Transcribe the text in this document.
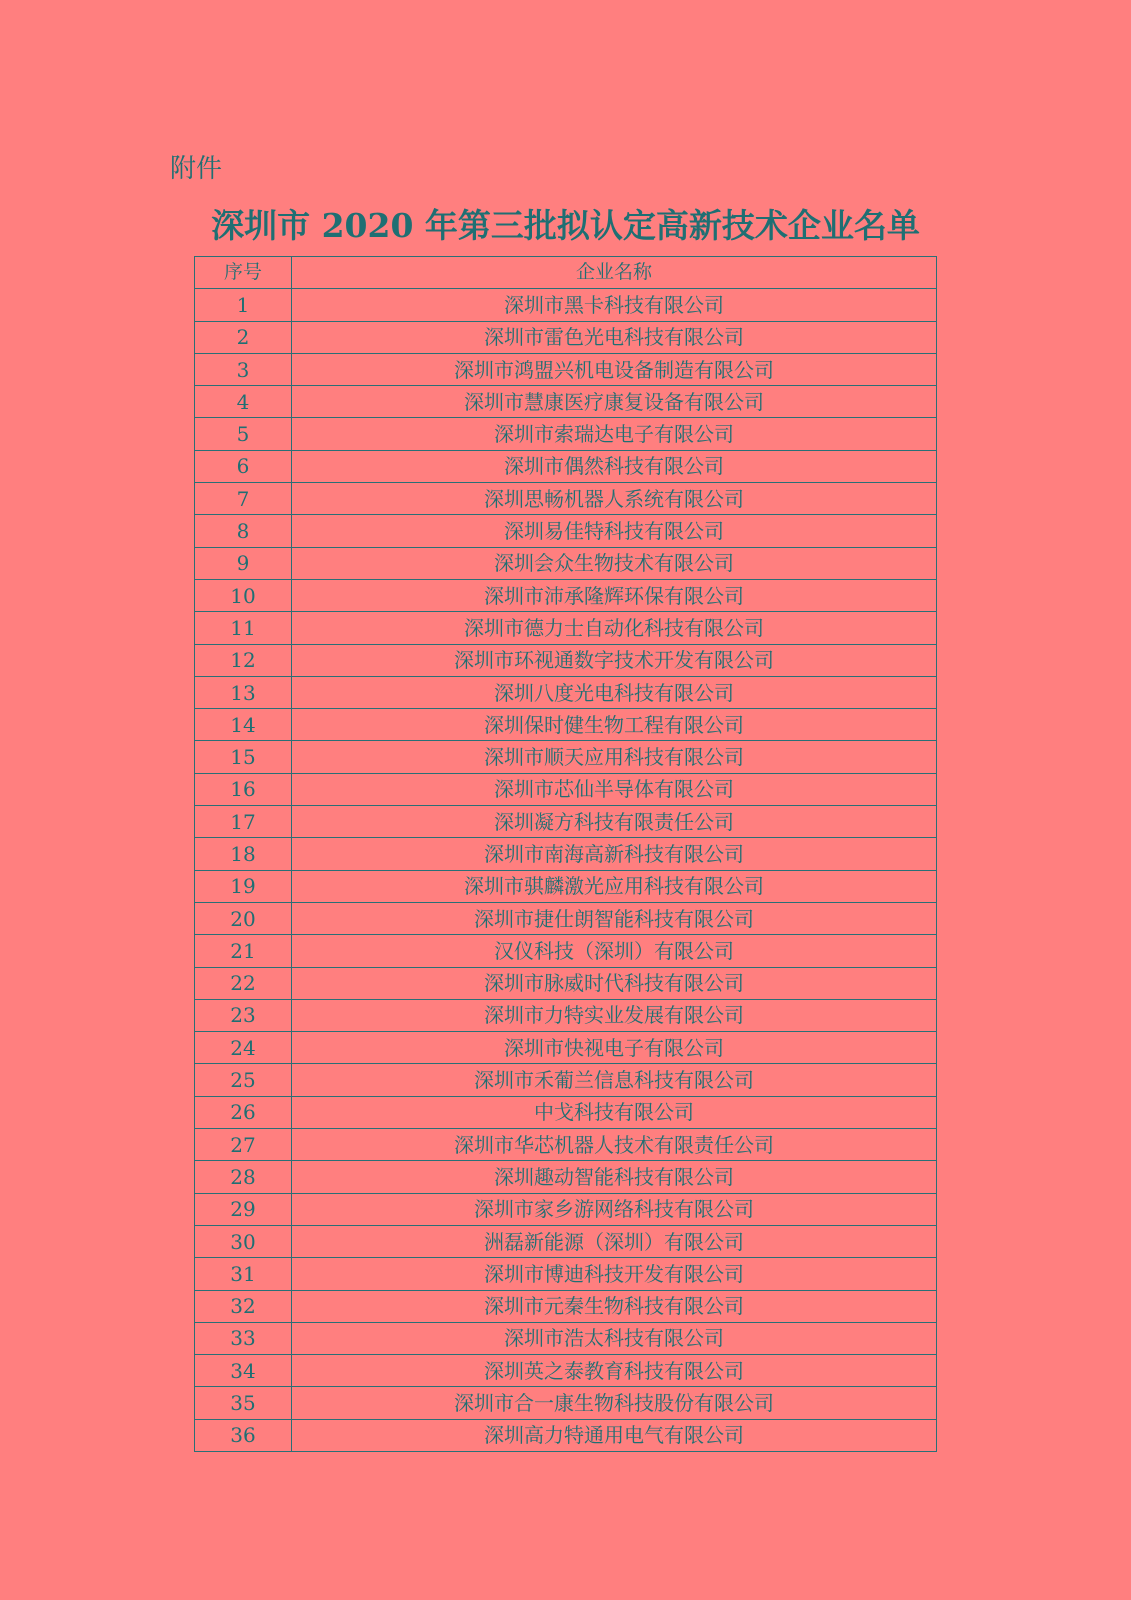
附件
深圳市 2020 年第三批拟认定高新技术企业名单
序号	企业名称
1	深圳市黑卡科技有限公司
2	深圳市雷色光电科技有限公司
3	深圳市鸿盟兴机电设备制造有限公司
4	深圳市慧康医疗康复设备有限公司
5	深圳市索瑞达电子有限公司
6	深圳市偶然科技有限公司
7	深圳思畅机器人系统有限公司
8	深圳易佳特科技有限公司
9	深圳会众生物技术有限公司
10	深圳市沛承隆辉环保有限公司
11	深圳市德力士自动化科技有限公司
12	深圳市环视通数字技术开发有限公司
13	深圳八度光电科技有限公司
14	深圳保时健生物工程有限公司
15	深圳市顺天应用科技有限公司
16	深圳市芯仙半导体有限公司
17	深圳凝方科技有限责任公司
18	深圳市南海高新科技有限公司
19	深圳市骐麟激光应用科技有限公司
20	深圳市捷仕朗智能科技有限公司
21	汉仪科技（深圳）有限公司
22	深圳市脉威时代科技有限公司
23	深圳市力特实业发展有限公司
24	深圳市快视电子有限公司
25	深圳市禾葡兰信息科技有限公司
26	中戈科技有限公司
27	深圳市华芯机器人技术有限责任公司
28	深圳趣动智能科技有限公司
29	深圳市家乡游网络科技有限公司
30	洲磊新能源（深圳）有限公司
31	深圳市博迪科技开发有限公司
32	深圳市元秦生物科技有限公司
33	深圳市浩太科技有限公司
34	深圳英之泰教育科技有限公司
35	深圳市合一康生物科技股份有限公司
36	深圳高力特通用电气有限公司
